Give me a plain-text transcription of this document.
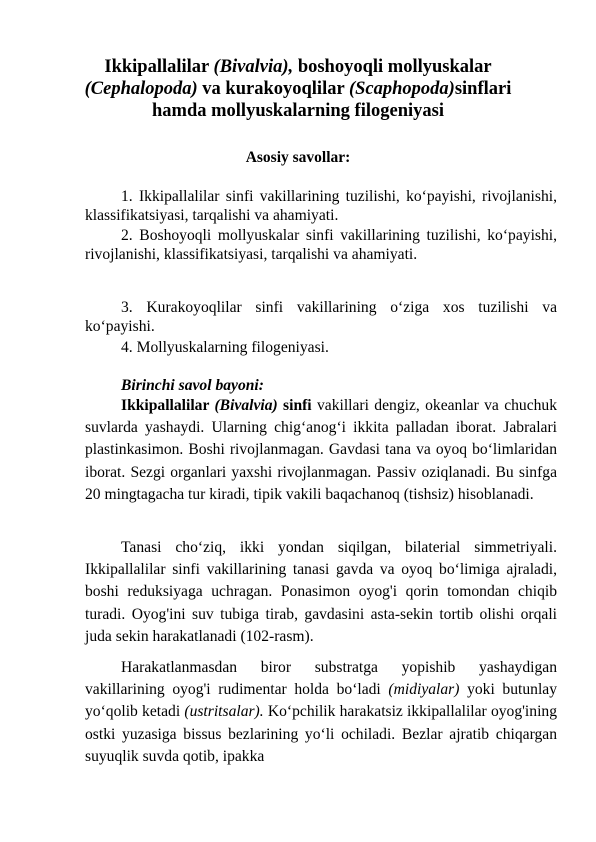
Ikkipallalilar (Bivalvia), boshoyoqli mollyuskalar (Cephalopoda) va kurakoyoqlilar (Scaphopoda)sinflari hamda mollyuskalarning filogeniyasi
Asosiy savollar:

1. Ikkipallalilar sinfi vakillarining tuzilishi, ko‘payishi, rivojlanishi, klassifikatsiyasi, tarqalishi va ahamiyati.

2. Boshoyoqli mollyuskalar sinfi vakillarining tuzilishi, ko‘payishi, rivojlanishi, klassifikatsiyasi, tarqalishi va ahamiyati.

3. Kurakoyoqlilar sinfi vakillarining o‘ziga xos tuzilishi va ko‘payishi.

4. Mollyuskalarning filogeniyasi.

Birinchi savol bayoni:

Ikkipallalilar (Bivalvia) sinfi vakillari dengiz, okeanlar va chuchuk suvlarda yashaydi. Ularning chig‘anog‘i ikkita palladan iborat. Jabralari plastinkasimon. Boshi rivojlanmagan. Gavdasi tana va oyoq bo‘limlaridan iborat. Sezgi organlari yaxshi rivojlanmagan. Passiv oziqlanadi. Bu sinfga 20 mingtagacha tur kiradi, tipik vakili baqachanoq (tishsiz) hisoblanadi.

Tanasi cho‘ziq, ikki yondan siqilgan, bilaterial simmetriyali. Ikkipallalilar sinfi vakillarining tanasi gavda va oyoq bo‘limiga ajraladi, boshi reduksiyaga uchragan. Ponasimon oyog'i qorin tomondan chiqib turadi. Oyog'ini suv tubiga tirab, gavdasini asta-sekin tortib olishi orqali juda sekin harakatlanadi (102-rasm).

Harakatlanmasdan biror substratga yopishib yashaydigan vakillarining oyog'i rudimentar holda bo‘ladi (midiyalar) yoki butunlay yo‘qolib ketadi (ustritsalar). Ko‘pchilik harakatsiz ikkipallalilar oyog'ining ostki yuzasiga bissus bezlarining yo‘li ochiladi. Bezlar ajratib chiqargan suyuqlik suvda qotib, ipakka
